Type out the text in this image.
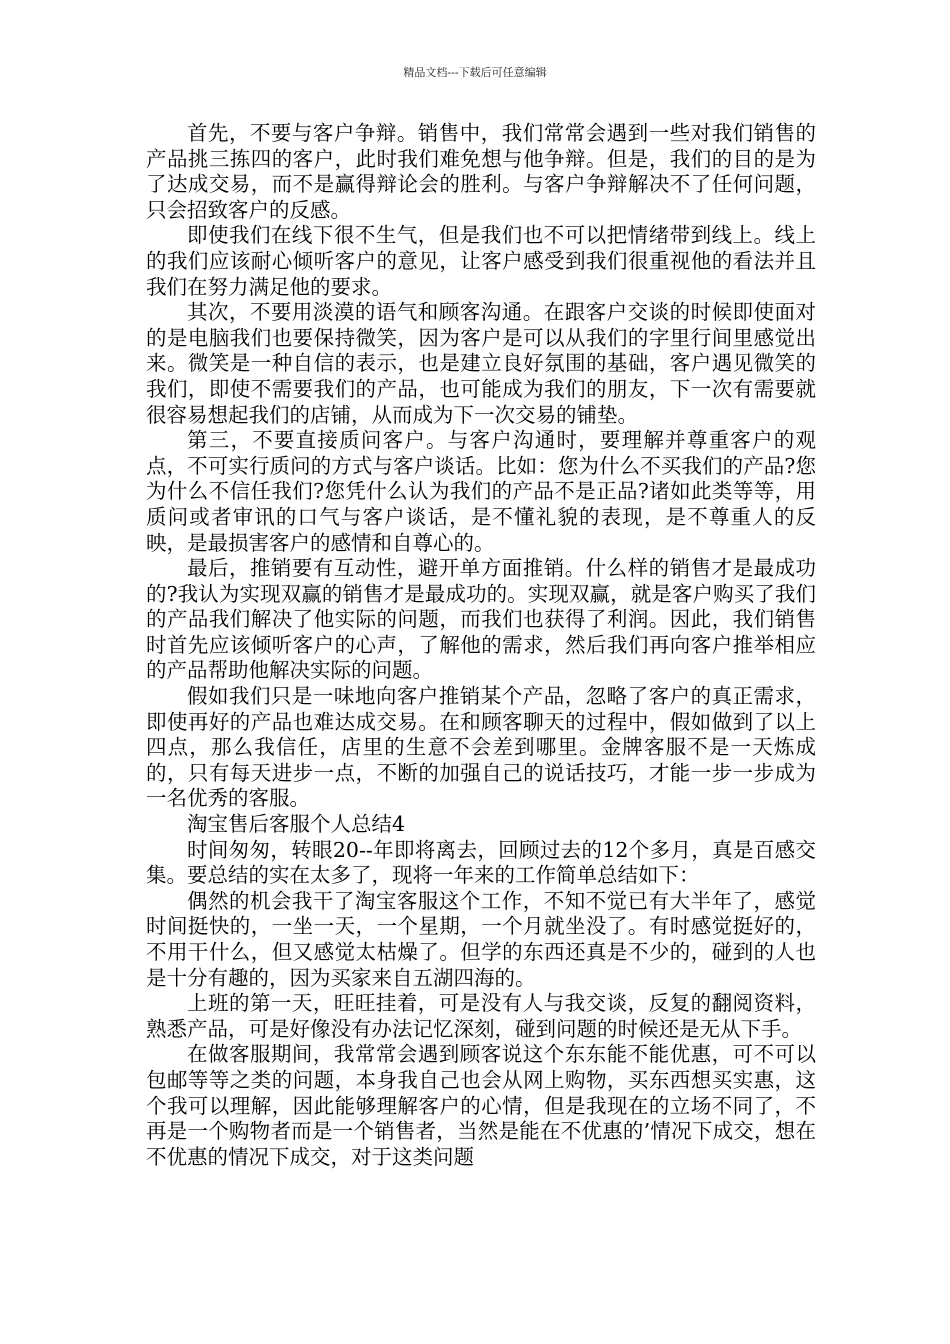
精品文档---下载后可任意编辑

首先，不要与客户争辩。销售中，我们常常会遇到一些对我们销售的产品挑三拣四的客户，此时我们难免想与他争辩。但是，我们的目的是为了达成交易，而不是赢得辩论会的胜利。与客户争辩解决不了任何问题，只会招致客户的反感。

即使我们在线下很不生气，但是我们也不可以把情绪带到线上。线上的我们应该耐心倾听客户的意见，让客户感受到我们很重视他的看法并且我们在努力满足他的要求。

其次，不要用淡漠的语气和顾客沟通。在跟客户交谈的时候即使面对的是电脑我们也要保持微笑，因为客户是可以从我们的字里行间里感觉出来。微笑是一种自信的表示，也是建立良好氛围的基础，客户遇见微笑的我们，即使不需要我们的产品，也可能成为我们的朋友，下一次有需要就很容易想起我们的店铺，从而成为下一次交易的铺垫。

第三，不要直接质问客户。与客户沟通时，要理解并尊重客户的观点，不可实行质问的方式与客户谈话。比如：您为什么不买我们的产品?您为什么不信任我们?您凭什么认为我们的产品不是正品?诸如此类等等，用质问或者审讯的口气与客户谈话，是不懂礼貌的表现，是不尊重人的反映，是最损害客户的感情和自尊心的。

最后，推销要有互动性，避开单方面推销。什么样的销售才是最成功的?我认为实现双赢的销售才是最成功的。实现双赢，就是客户购买了我们的产品我们解决了他实际的问题，而我们也获得了利润。因此，我们销售时首先应该倾听客户的心声，了解他的需求，然后我们再向客户推举相应的产品帮助他解决实际的问题。

假如我们只是一味地向客户推销某个产品，忽略了客户的真正需求，即使再好的产品也难达成交易。在和顾客聊天的过程中，假如做到了以上四点，那么我信任，店里的生意不会差到哪里。金牌客服不是一天炼成的，只有每天进步一点，不断的加强自己的说话技巧，才能一步一步成为一名优秀的客服。

淘宝售后客服个人总结4

时间匆匆，转眼20--年即将离去，回顾过去的12个多月，真是百感交集。要总结的实在太多了，现将一年来的工作简单总结如下：

偶然的机会我干了淘宝客服这个工作，不知不觉已有大半年了，感觉时间挺快的，一坐一天，一个星期，一个月就坐没了。有时感觉挺好的，不用干什么，但又感觉太枯燥了。但学的东西还真是不少的，碰到的人也是十分有趣的，因为买家来自五湖四海的。

上班的第一天，旺旺挂着，可是没有人与我交谈，反复的翻阅资料，熟悉产品，可是好像没有办法记忆深刻，碰到问题的时候还是无从下手。

在做客服期间，我常常会遇到顾客说这个东东能不能优惠，可不可以包邮等等之类的问题，本身我自己也会从网上购物，买东西想买实惠，这个我可以理解，因此能够理解客户的心情，但是我现在的立场不同了，不再是一个购物者而是一个销售者，当然是能在不优惠的’情况下成交，想在不优惠的情况下成交，对于这类问题
